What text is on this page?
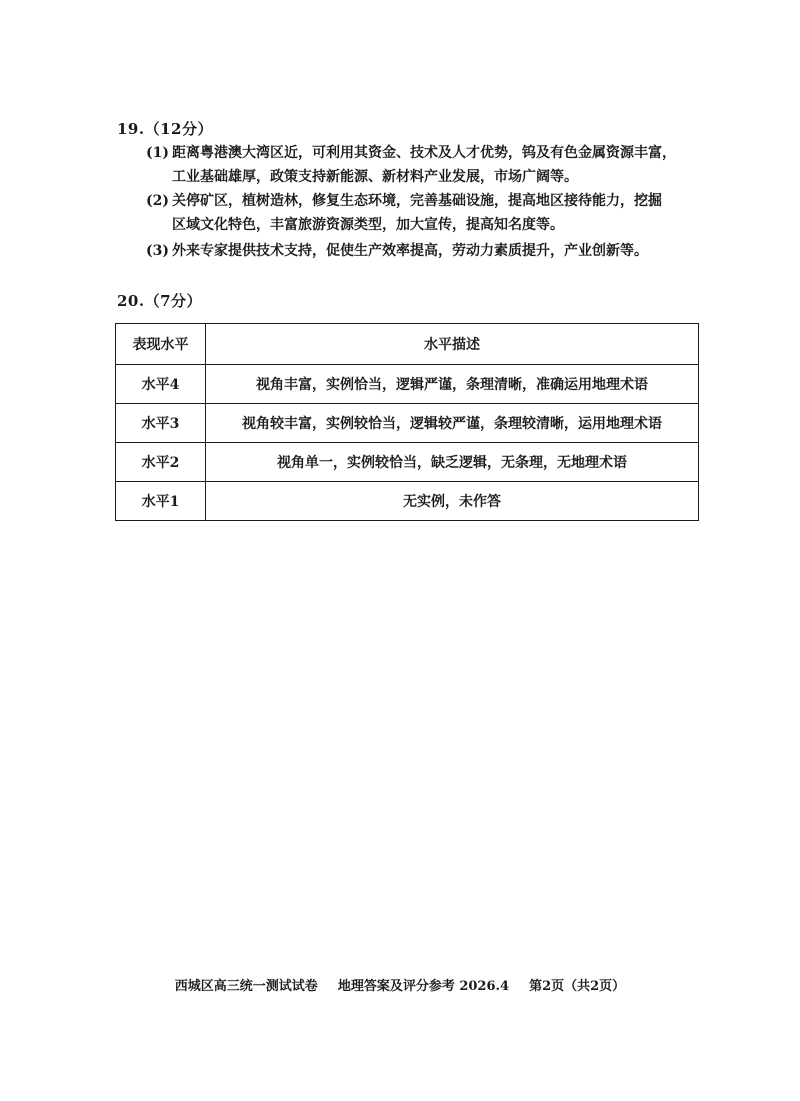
19.（12分）
(1) 距离粤港澳大湾区近，可利用其资金、技术及人才优势，钨及有色金属资源丰富，
工业基础雄厚，政策支持新能源、新材料产业发展，市场广阔等。
(2) 关停矿区，植树造林，修复生态环境，完善基础设施，提高地区接待能力，挖掘
区域文化特色，丰富旅游资源类型，加大宣传，提高知名度等。
(3) 外来专家提供技术支持，促使生产效率提高，劳动力素质提升，产业创新等。
20.（7分）
表现水平	水平描述
水平4	视角丰富，实例恰当，逻辑严谨，条理清晰，准确运用地理术语
水平3	视角较丰富，实例较恰当，逻辑较严谨，条理较清晰，运用地理术语
水平2	视角单一，实例较恰当，缺乏逻辑，无条理，无地理术语
水平1	无实例，未作答
西城区高三统一测试试卷 地理答案及评分参考 2026.4 第2页（共2页）
